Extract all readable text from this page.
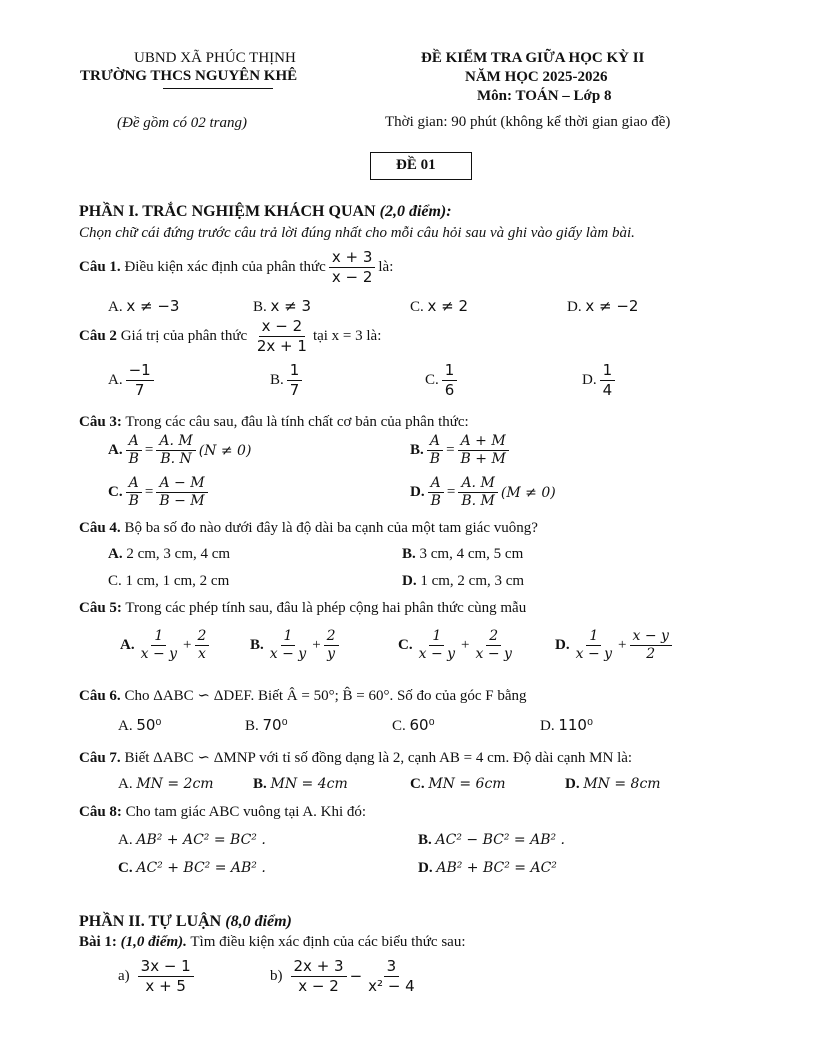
UBND XÃ PHÚC THỊNH
TRƯỜNG THCS NGUYÊN KHÊ
(Đề gồm có 02 trang)
ĐỀ KIỂM TRA GIỮA HỌC KỲ II
NĂM HỌC 2025-2026
Môn: TOÁN – Lớp 8
Thời gian: 90 phút (không kể thời gian giao đề)
ĐỀ 01
PHẦN I. TRẮC NGHIỆM KHÁCH QUAN (2,0 điểm):
Chọn chữ cái đứng trước câu trả lời đúng nhất cho mỗi câu hỏi sau và ghi vào giấy làm bài.
Câu 1.
Điều kiện xác định của phân thức $\frac{x + 3}{x - 2}$ là:
A. x ≠ −3	B. x ≠ 3	C. x ≠ 2	D. x ≠ −2
Câu 2
Giá trị của phân thức
$\frac{x - 2}{2x + 1}$ tại x = 3 là:
A. $\frac{-1}{7}$	B. $\frac{1}{7}$	C. $\frac{1}{6}$	D. $\frac{1}{4}$
Câu 3: Trong các câu sau, đâu là tính chất cơ bản của phân thức:
A. $\frac{A}{B} = \frac{A. M}{B. N} (N \ne 0)$	B. $\frac{A}{B} = \frac{A + M}{B + M}$
C. $\frac{A}{B} = \frac{A - M}{B - M}$	D. $\frac{A}{B} = \frac{A. M}{B. M} (M \ne 0)$
Câu 4. Bộ ba số đo nào dưới đây là độ dài ba cạnh của một tam giác vuông?
A. 2 cm, 3 cm, 4 cm	B. 3 cm, 4 cm, 5 cm
C. 1 cm, 1 cm, 2 cm	D. 1 cm, 2 cm, 3 cm
Câu 5: Trong các phép tính sau, đâu là phép cộng hai phân thức cùng mẫu
A. $\frac{1}{x - y} + \frac{2}{x}$	B. $\frac{1}{x - y} + \frac{2}{y}$	C. $\frac{1}{x - y} + \frac{2}{x - y}$	D. $\frac{1}{x - y} + \frac{x - y}{2}$
Câu 6. Cho ΔABC ∽ ΔDEF. Biết Â = 50°; B̂ = 60°. Số đo của góc F bằng
A. 50⁰	B. 70⁰	C. 60⁰	D. 110⁰
Câu 7. Biết ΔABC ∽ ΔMNP với tỉ số đồng dạng là 2, cạnh AB = 4 cm. Độ dài cạnh MN là:
A. MN = 2cm	B. MN = 4cm	C. MN = 6cm	D. MN = 8cm
Câu 8: Cho tam giác ABC vuông tại A. Khi đó:
A. AB² + AC² = BC² .	B. AC² − BC² = AB² .
C. AC² + BC² = AB² .	D. AB² + BC² = AC²
PHẦN II. TỰ LUẬN (8,0 điểm)
Bài 1: (1,0 điểm). Tìm điều kiện xác định của các biểu thức sau:
$a) \frac{3x - 1}{x + 5}$	$b) \frac{2x + 3}{x - 2} - \frac{3}{\text{x² − 4}}$
